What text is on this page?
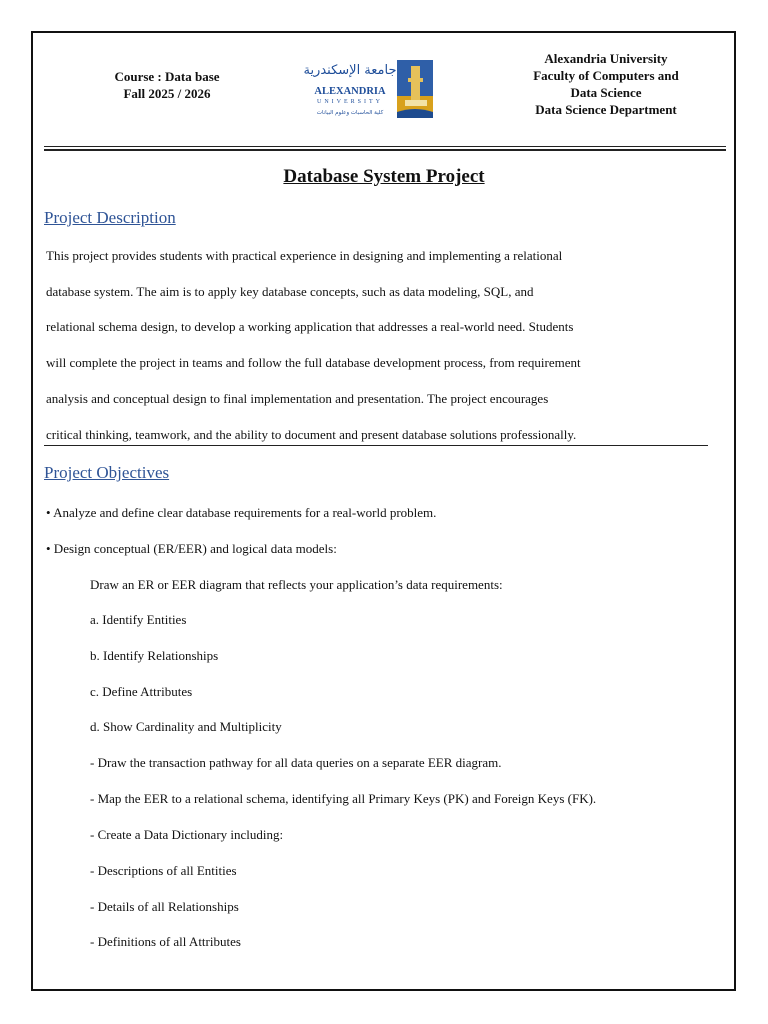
Course : Data base
Fall 2025 / 2026
جامعة الإسكندرية
ALEXANDRIA
UNIVERSITY
كلية الحاسبات وعلوم البيانات
Alexandria University
Faculty of Computers and
Data Science
Data Science Department
Database System Project
Project Description
This project provides students with practical experience in designing and implementing a relational
database system. The aim is to apply key database concepts, such as data modeling, SQL, and
relational schema design, to develop a working application that addresses a real-world need. Students
will complete the project in teams and follow the full database development process, from requirement
analysis and conceptual design to final implementation and presentation. The project encourages
critical thinking, teamwork, and the ability to document and present database solutions professionally.
Project Objectives
• Analyze and define clear database requirements for a real-world problem.
• Design conceptual (ER/EER) and logical data models:
Draw an ER or EER diagram that reflects your application’s data requirements:
a. Identify Entities
b. Identify Relationships
c. Define Attributes
d. Show Cardinality and Multiplicity
- Draw the transaction pathway for all data queries on a separate EER diagram.
- Map the EER to a relational schema, identifying all Primary Keys (PK) and Foreign Keys (FK).
- Create a Data Dictionary including:
- Descriptions of all Entities
- Details of all Relationships
- Definitions of all Attributes
